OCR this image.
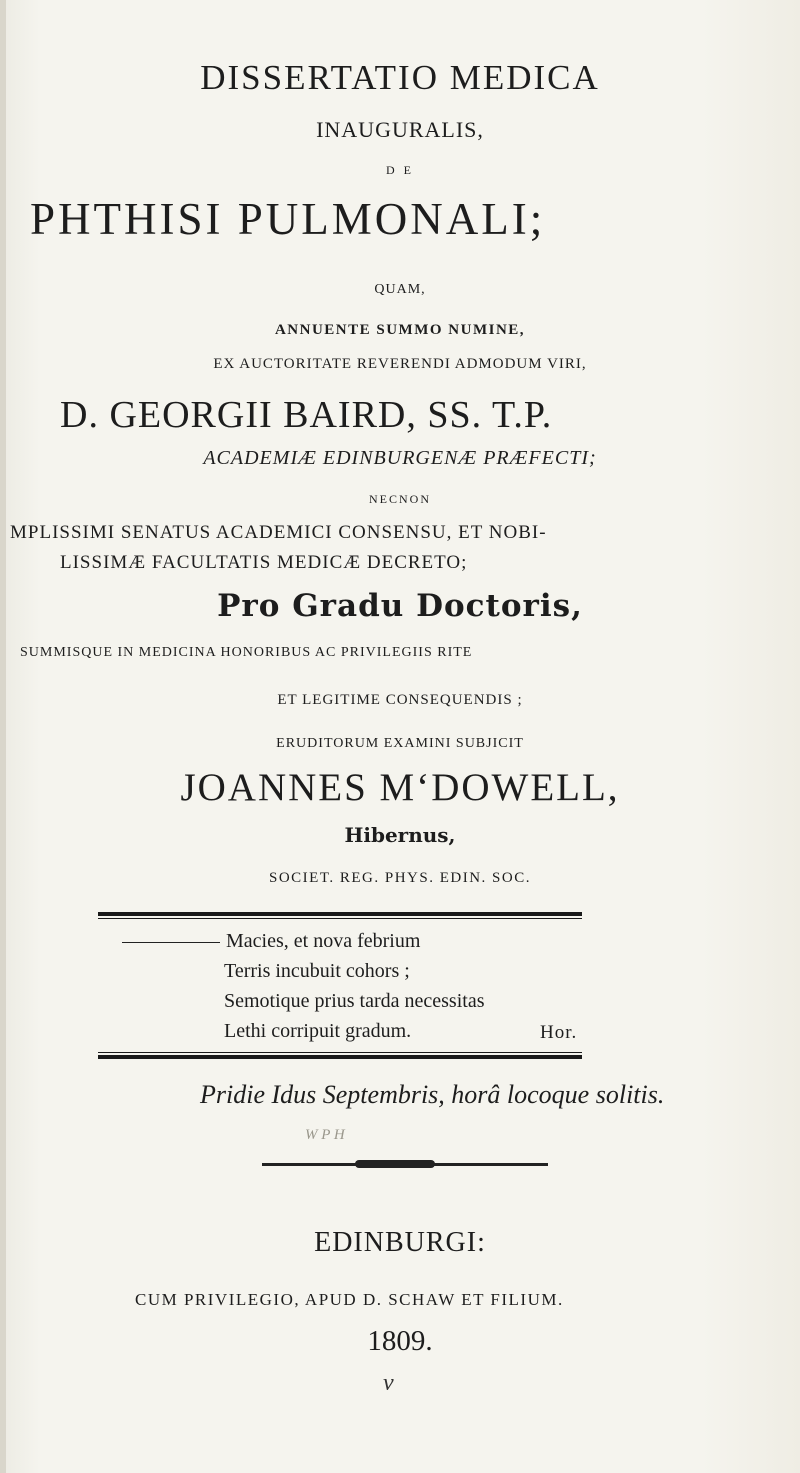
DISSERTATIO MEDICA
INAUGURALIS,
D E
PHTHISI PULMONALI;
QUAM,
ANNUENTE SUMMO NUMINE,
EX AUCTORITATE REVERENDI ADMODUM VIRI,
D. GEORGII BAIRD, SS. T.P.
ACADEMIÆ EDINBURGENÆ PRÆFECTI;
NECNON
MPLISSIMI SENATUS ACADEMICI CONSENSU, ET NOBI-
LISSIMÆ FACULTATIS MEDICÆ DECRETO;
Pro Gradu Doctoris,
SUMMISQUE IN MEDICINA HONORIBUS AC PRIVILEGIIS RITE
ET LEGITIME CONSEQUENDIS ;
ERUDITORUM EXAMINI SUBJICIT
JOANNES M‘DOWELL,
Hibernus,
SOCIET. REG. PHYS. EDIN. SOC.
Macies, et nova febrium
Terris incubuit cohors ;
Semotique prius tarda necessitas
Lethi corripuit gradum.	Hor.
Pridie Idus Septembris, horâ locoque solitis.
W P H
EDINBURGI:
CUM PRIVILEGIO, APUD D. SCHAW ET FILIUM.
1809.
ν
